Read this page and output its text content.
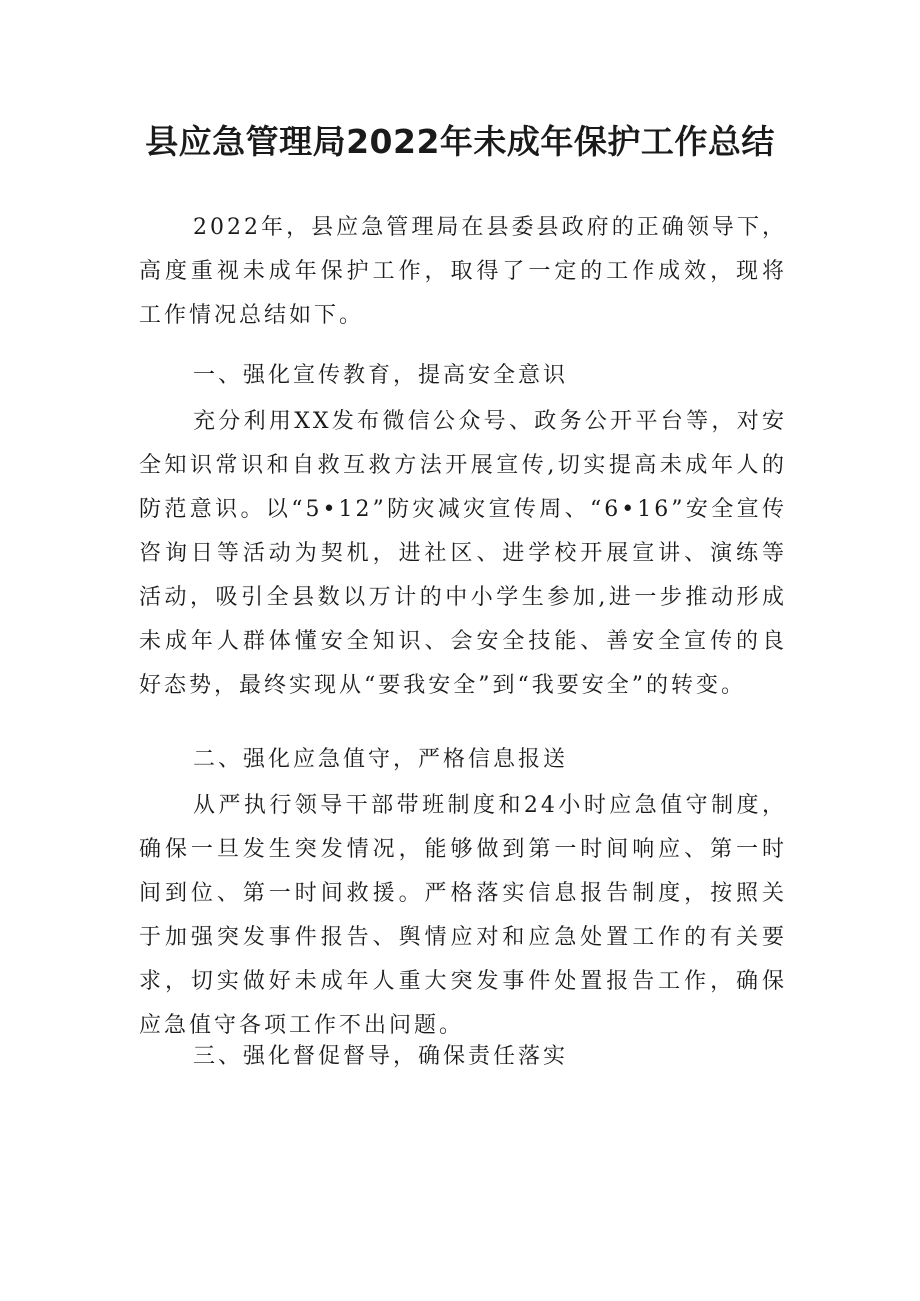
县应急管理局2022年未成年保护工作总结

2022年，县应急管理局在县委县政府的正确领导下，高度重视未成年保护工作，取得了一定的工作成效，现将工作情况总结如下。

一、强化宣传教育，提高安全意识

充分利用XX发布微信公众号、政务公开平台等，对安全知识常识和自救互救方法开展宣传,切实提高未成年人的防范意识。以“5•12”防灾减灾宣传周、“6•16”安全宣传咨询日等活动为契机，进社区、进学校开展宣讲、演练等活动，吸引全县数以万计的中小学生参加,进一步推动形成未成年人群体懂安全知识、会安全技能、善安全宣传的良好态势，最终实现从“要我安全”到“我要安全”的转变。

二、强化应急值守，严格信息报送

从严执行领导干部带班制度和24小时应急值守制度，确保一旦发生突发情况，能够做到第一时间响应、第一时间到位、第一时间救援。严格落实信息报告制度，按照关于加强突发事件报告、舆情应对和应急处置工作的有关要求，切实做好未成年人重大突发事件处置报告工作，确保应急值守各项工作不出问题。

三、强化督促督导，确保责任落实
